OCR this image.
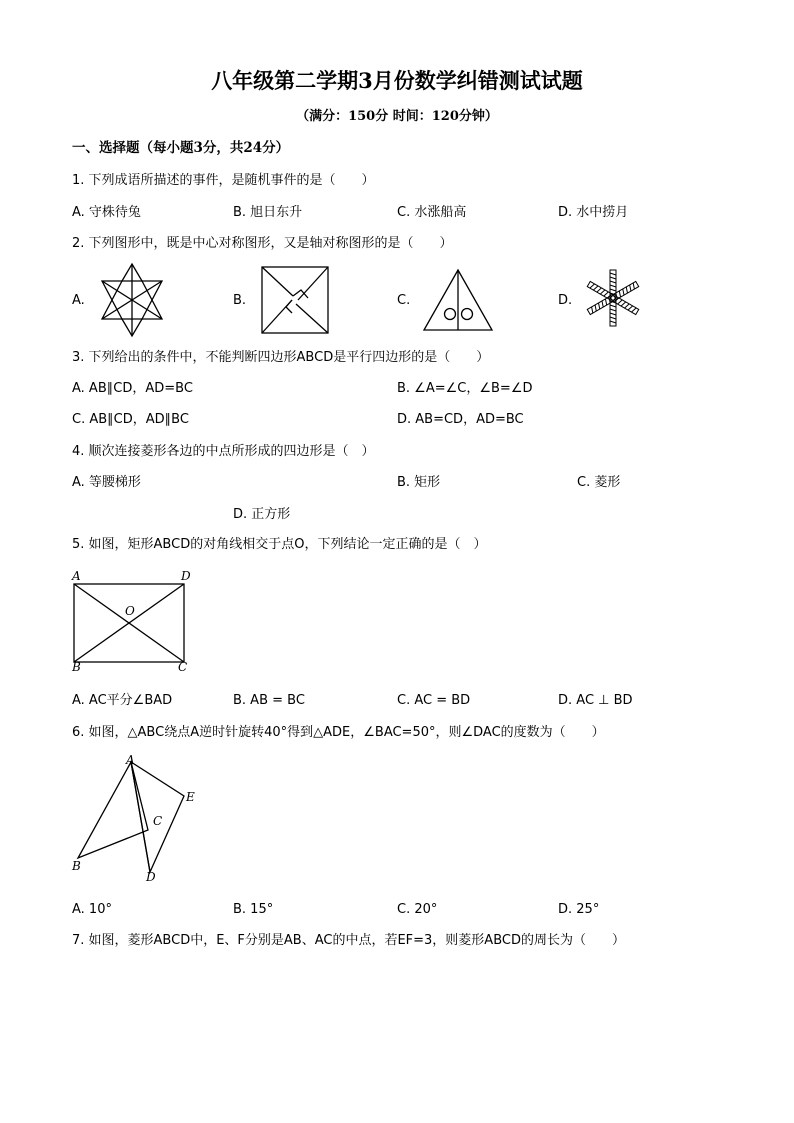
八年级第二学期3月份数学纠错测试试题
（满分：150分 时间：120分钟）
一、选择题（每小题3分，共24分）
1. 下列成语所描述的事件，是随机事件的是（　　）
A. 守株待兔	B. 旭日东升	C. 水涨船高	D. 水中捞月
2. 下列图形中，既是中心对称图形，又是轴对称图形的是（　　）
A.	B.	C.	D.
3. 下列给出的条件中，不能判断四边形ABCD是平行四边形的是（　　）
A. AB∥CD，AD=BC	B. ∠A=∠C，∠B=∠D
C. AB∥CD，AD∥BC	D. AB=CD，AD=BC
4. 顺次连接菱形各边的中点所形成的四边形是（　）
A. 等腰梯形	B. 矩形	C. 菱形
D. 正方形
5. 如图，矩形ABCD的对角线相交于点O，下列结论一定正确的是（　）
A	D
O
B	C
A. AC平分∠BAD	B. AB = BC	C. AC = BD	D. AC ⊥ BD
6. 如图，△ABC绕点A逆时针旋转40°得到△ADE，∠BAC=50°，则∠DAC的度数为（　　）
A
E
C
B
D
A. 10°	B. 15°	C. 20°	D. 25°
7. 如图，菱形ABCD中，E、F分别是AB、AC的中点，若EF=3，则菱形ABCD的周长为（　　）
